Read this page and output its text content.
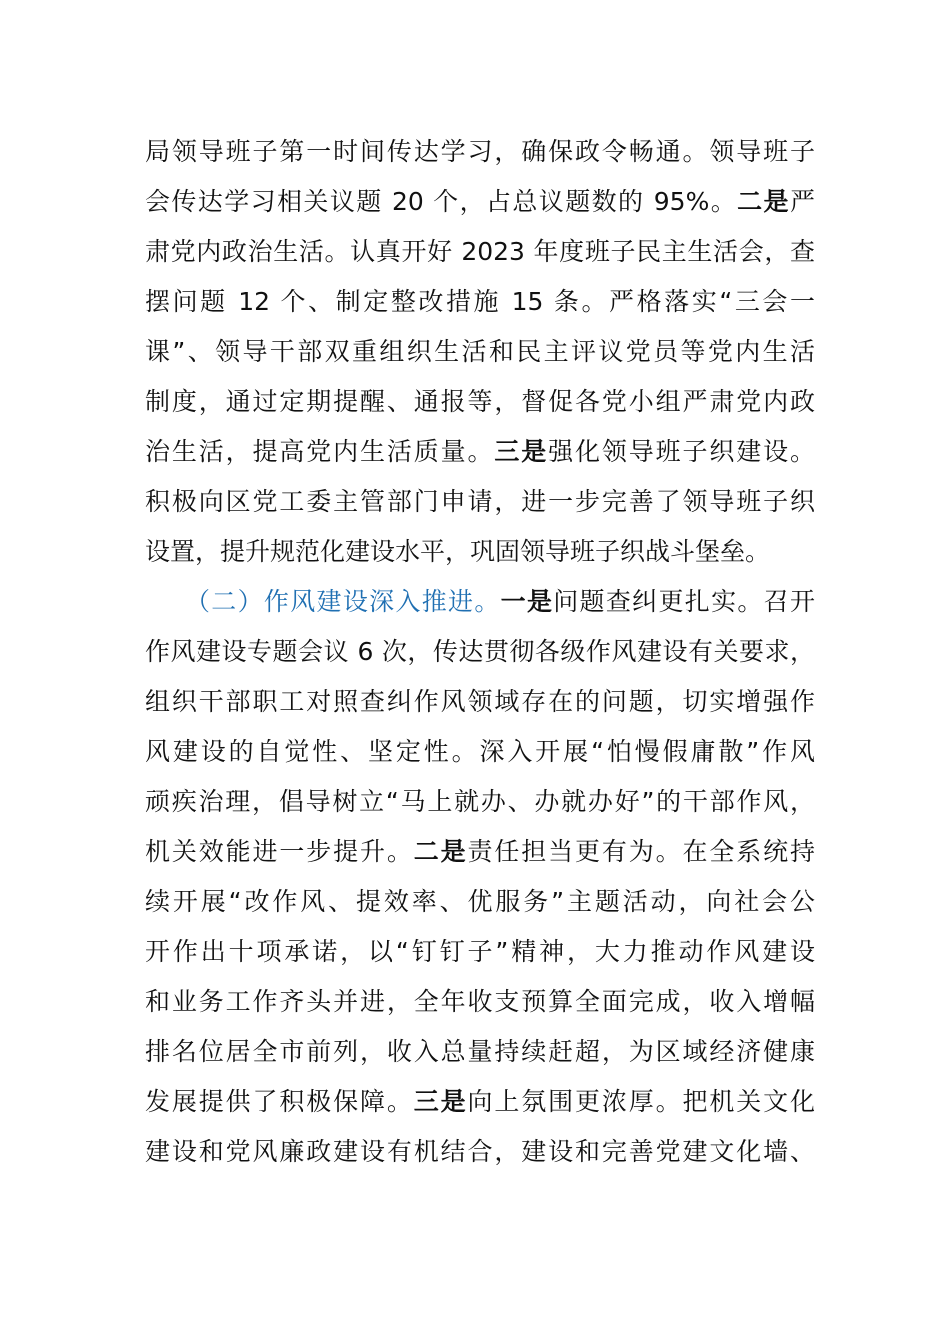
局领导班子第一时间传达学习，确保政令畅通。领导班子
会传达学习相关议题 20 个，占总议题数的 95%。二是严
肃党内政治生活。认真开好 2023 年度班子民主生活会，查
摆问题 12 个、制定整改措施 15 条。严格落实“三会一
课”、领导干部双重组织生活和民主评议党员等党内生活
制度，通过定期提醒、通报等，督促各党小组严肃党内政
治生活，提高党内生活质量。三是强化领导班子织建设。
积极向区党工委主管部门申请，进一步完善了领导班子织
设置，提升规范化建设水平，巩固领导班子织战斗堡垒。
（二）作风建设深入推进。一是问题查纠更扎实。召开
作风建设专题会议 6 次，传达贯彻各级作风建设有关要求，
组织干部职工对照查纠作风领域存在的问题，切实增强作
风建设的自觉性、坚定性。深入开展“怕慢假庸散”作风
顽疾治理，倡导树立“马上就办、办就办好”的干部作风，
机关效能进一步提升。二是责任担当更有为。在全系统持
续开展“改作风、提效率、优服务”主题活动，向社会公
开作出十项承诺，以“钉钉子”精神，大力推动作风建设
和业务工作齐头并进，全年收支预算全面完成，收入增幅
排名位居全市前列，收入总量持续赶超，为区域经济健康
发展提供了积极保障。三是向上氛围更浓厚。把机关文化
建设和党风廉政建设有机结合，建设和完善党建文化墙、
